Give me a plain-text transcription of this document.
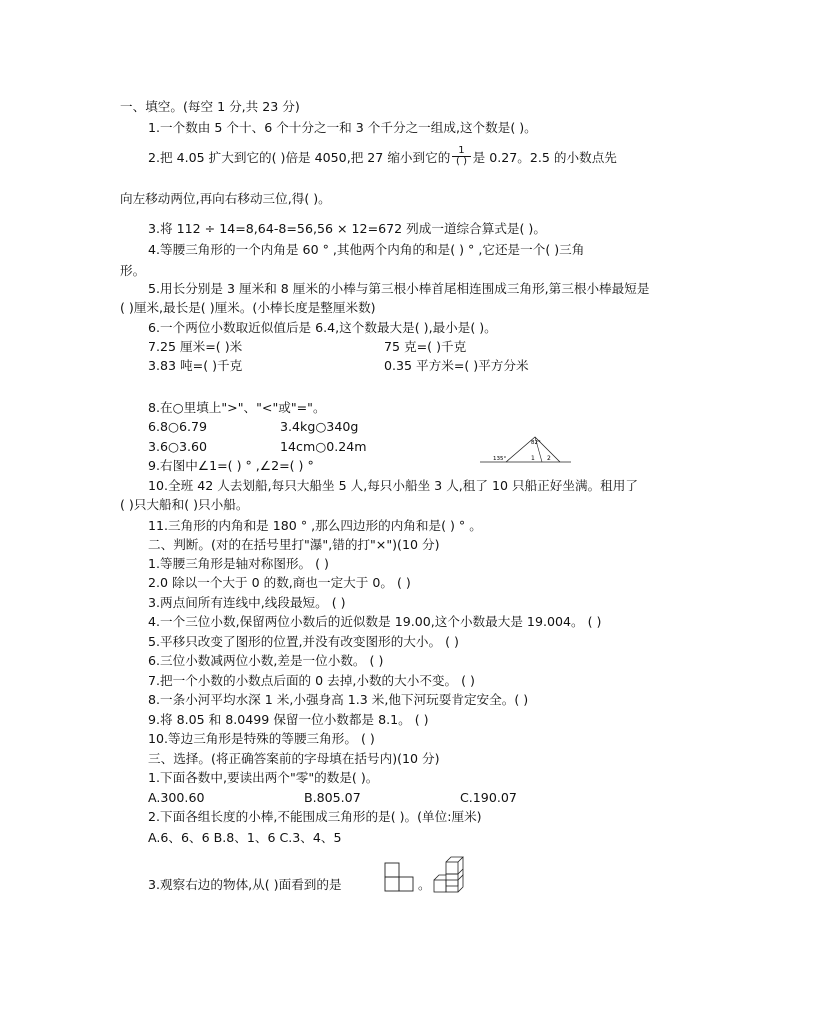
一、填空。(每空 1 分,共 23 分)
1.一个数由 5 个十、6 个十分之一和 3 个千分之一组成,这个数是( )。
2.把 4.05 扩大到它的( )倍是 4050,把 27 缩小到它的 $\frac{1}{( )}$ 是 0.27。2.5 的小数点先
向左移动两位,再向右移动三位,得( )。
3.将 112 ÷ 14=8,64-8=56,56 × 12=672 列成一道综合算式是( )。
4.等腰三角形的一个内角是 60 ° ,其他两个内角的和是( ) ° ,它还是一个( )三角
形。
5.用长分别是 3 厘米和 8 厘米的小棒与第三根小棒首尾相连围成三角形,第三根小棒最短是
( )厘米,最长是( )厘米。(小棒长度是整厘米数)
6.一个两位小数取近似值后是 6.4,这个数最大是( ),最小是( )。
7.25 厘米=( )米	75 克=( )千克
3.83 吨=( )千克	0.35 平方米=( )平方分米
8.在○里填上">"、"<"或"="。
6.8○6.79	3.4kg○340g
3.6○3.60	14cm○0.24m	82°
135°	1 2
9.右图中∠1=( ) ° ,∠2=( ) °
10.全班 42 人去划船,每只大船坐 5 人,每只小船坐 3 人,租了 10 只船正好坐满。租用了
( )只大船和( )只小船。
11.三角形的内角和是 180 ° ,那么四边形的内角和是( ) ° 。
二、判断。(对的在括号里打"瀑",错的打"×")(10 分)
1.等腰三角形是轴对称图形。 ( )
2.0 除以一个大于 0 的数,商也一定大于 0。 ( )
3.两点间所有连线中,线段最短。 ( )
4.一个三位小数,保留两位小数后的近似数是 19.00,这个小数最大是 19.004。 ( )
5.平移只改变了图形的位置,并没有改变图形的大小。 ( )
6.三位小数减两位小数,差是一位小数。 ( )
7.把一个小数的小数点后面的 0 去掉,小数的大小不变。 ( )
8.一条小河平均水深 1 米,小强身高 1.3 米,他下河玩耍肯定安全。( )
9.将 8.05 和 8.0499 保留一位小数都是 8.1。 ( )
10.等边三角形是特殊的等腰三角形。 ( )
三、选择。(将正确答案前的字母填在括号内)(10 分)
1.下面各数中,要读出两个"零"的数是( )。
A.300.60	B.805.07	C.190.07
2.下面各组长度的小棒,不能围成三角形的是( )。(单位:厘米)
A.6、6、6 B.8、1、6 C.3、4、5
3.观察右边的物体,从( )面看到的是	。
